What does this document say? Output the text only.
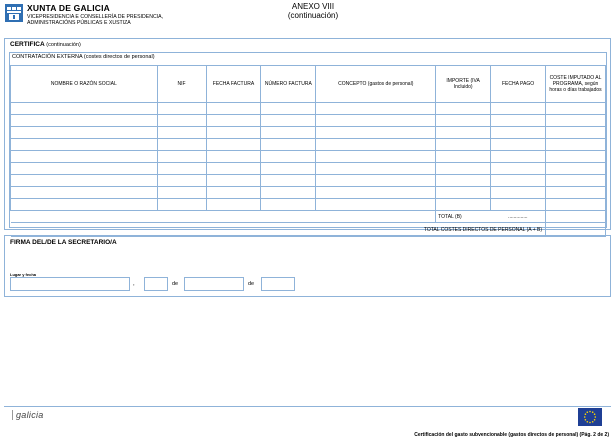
XUNTA DE GALICIA
VICEPRESIDENCIA E CONSELLERÍA DE PRESIDENCIA,
ADMINISTRACIÓNS PÚBLICAS E XUSTIZA
ANEXO VIII
(continuación)
CERTIFICA (continuación)
CONTRATACIÓN EXTERNA (costes directos de personal)
NOMBRE O RAZÓN SOCIAL	NIF	FECHA FACTURA	NÚMERO FACTURA	CONCEPTO (gastos de personal)	IMPORTE (IVA Incluido)	FECHA PAGO	COSTE IMPUTADO AL PROGRAMA, según horas o días trabajados

					TOTAL (B)	..............	
TOTAL COSTES DIRECTOS DE PERSONAL (A + B)							
FIRMA DEL/DE LA SECRETARIO/A
Lugar y fecha
,	de	de
galicia
Certificación del gasto subvencionable (gastos directos de personal) (Pág. 2 de 2)
